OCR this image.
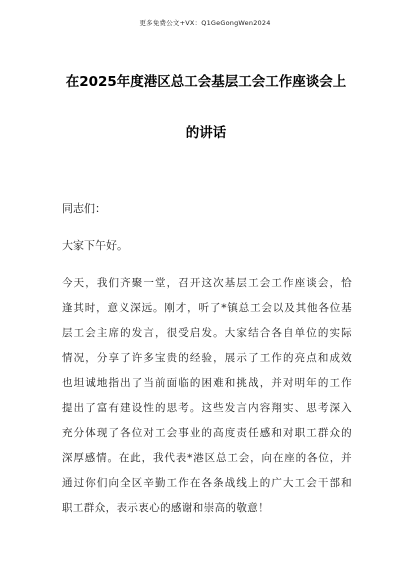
更多免费公文+VX：Q1GeGongWen2024
在2025年度港区总工会基层工会工作座谈会上
的讲话
同志们：
大家下午好。
今天，我们齐聚一堂，召开这次基层工会工作座谈会，恰
逢其时，意义深远。刚才，听了*镇总工会以及其他各位基
层工会主席的发言，很受启发。大家结合各自单位的实际
情况，分享了许多宝贵的经验，展示了工作的亮点和成效
也坦诚地指出了当前面临的困难和挑战，并对明年的工作
提出了富有建设性的思考。这些发言内容翔实、思考深入
充分体现了各位对工会事业的高度责任感和对职工群众的
深厚感情。在此，我代表*港区总工会，向在座的各位，并
通过你们向全区辛勤工作在各条战线上的广大工会干部和
职工群众，表示衷心的感谢和崇高的敬意！
